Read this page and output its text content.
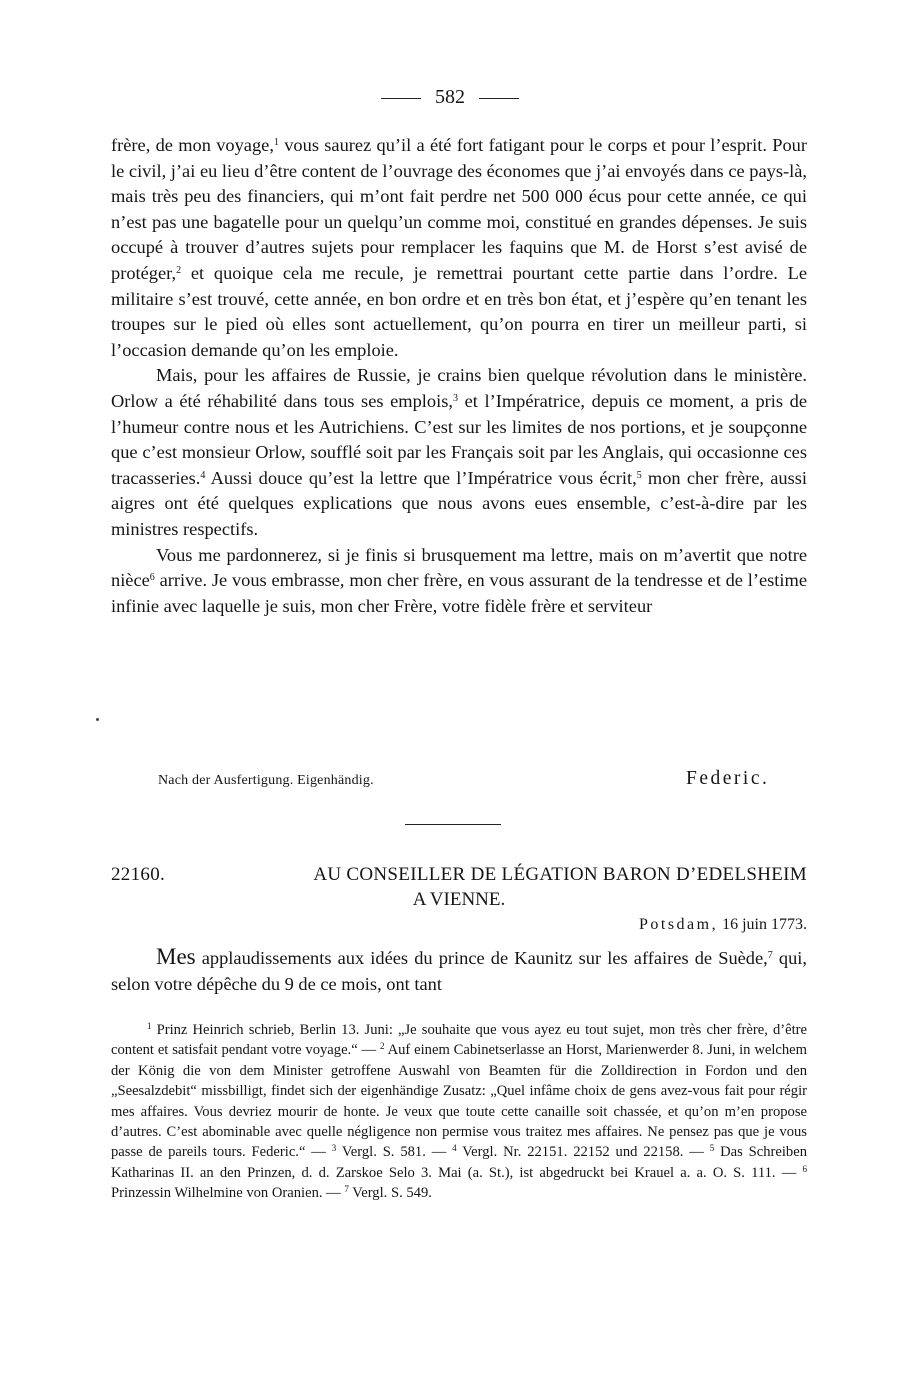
582

frère, de mon voyage,$^1$ vous saurez qu’il a été fort fatigant pour le corps et pour l’esprit. Pour le civil, j’ai eu lieu d’être content de l’ouvrage des économes que j’ai envoyés dans ce pays-là, mais très peu des financiers, qui m’ont fait perdre net 500 000 écus pour cette année, ce qui n’est pas une bagatelle pour un quelqu’un comme moi, constitué en grandes dépenses. Je suis occupé à trouver d’autres sujets pour remplacer les faquins que M. de Horst s’est avisé de protéger,$^2$ et quoique cela me recule, je remettrai pourtant cette partie dans l’ordre. Le militaire s’est trouvé, cette année, en bon ordre et en très bon état, et j’espère qu’en tenant les troupes sur le pied où elles sont actuellement, qu’on pourra en tirer un meilleur parti, si l’occasion demande qu’on les emploie.

Mais, pour les affaires de Russie, je crains bien quelque révolution dans le ministère. Orlow a été réhabilité dans tous ses emplois,$^3$ et l’Impératrice, depuis ce moment, a pris de l’humeur contre nous et les Autrichiens. C’est sur les limites de nos portions, et je soupçonne que c’est monsieur Orlow, soufflé soit par les Français soit par les Anglais, qui occasionne ces tracasseries.$^4$ Aussi douce qu’est la lettre que l’Impératrice vous écrit,$^5$ mon cher frère, aussi aigres ont été quelques explications que nous avons eues ensemble, c’est-à-dire par les ministres respectifs.

Vous me pardonnerez, si je finis si brusquement ma lettre, mais on m’avertit que notre nièce$^6$ arrive. Je vous embrasse, mon cher frère, en vous assurant de la tendresse et de l’estime infinie avec laquelle je suis, mon cher Frère, votre fidèle frère et serviteur

Nach der Ausfertigung. Eigenhändig.	Federic.
22160.	AU CONSEILLER DE LÉGATION BARON D’EDELSHEIM
A VIENNE.
Potsdam, 16 juin 1773.

Mes applaudissements aux idées du prince de Kaunitz sur les affaires de Suède,$^7$ qui, selon votre dépêche du 9 de ce mois, ont tant

$^1$ Prinz Heinrich schrieb, Berlin 13. Juni: „Je souhaite que vous ayez eu tout sujet, mon très cher frère, d’être content et satisfait pendant votre voyage.“ — $^2$ Auf einem Cabinetserlasse an Horst, Marienwerder 8. Juni, in welchem der König die von dem Minister getroffene Auswahl von Beamten für die Zolldirection in Fordon und den „Seesalzdebit“ missbilligt, findet sich der eigenhändige Zusatz: „Quel infâme choix de gens avez-vous fait pour régir mes affaires. Vous devriez mourir de honte. Je veux que toute cette canaille soit chassée, et qu’on m’en propose d’autres. C’est abominable avec quelle négligence non permise vous traitez mes affaires. Ne pensez pas que je vous passe de pareils tours. Federic.“ — $^3$ Vergl. S. 581. — $^4$ Vergl. Nr. 22151. 22152 und 22158. — $^5$ Das Schreiben Katharinas II. an den Prinzen, d. d. Zarskoe Selo 3. Mai (a. St.), ist abgedruckt bei Krauel a. a. O. S. 111. — $^6$ Prinzessin Wilhelmine von Oranien. — $^7$ Vergl. S. 549.
